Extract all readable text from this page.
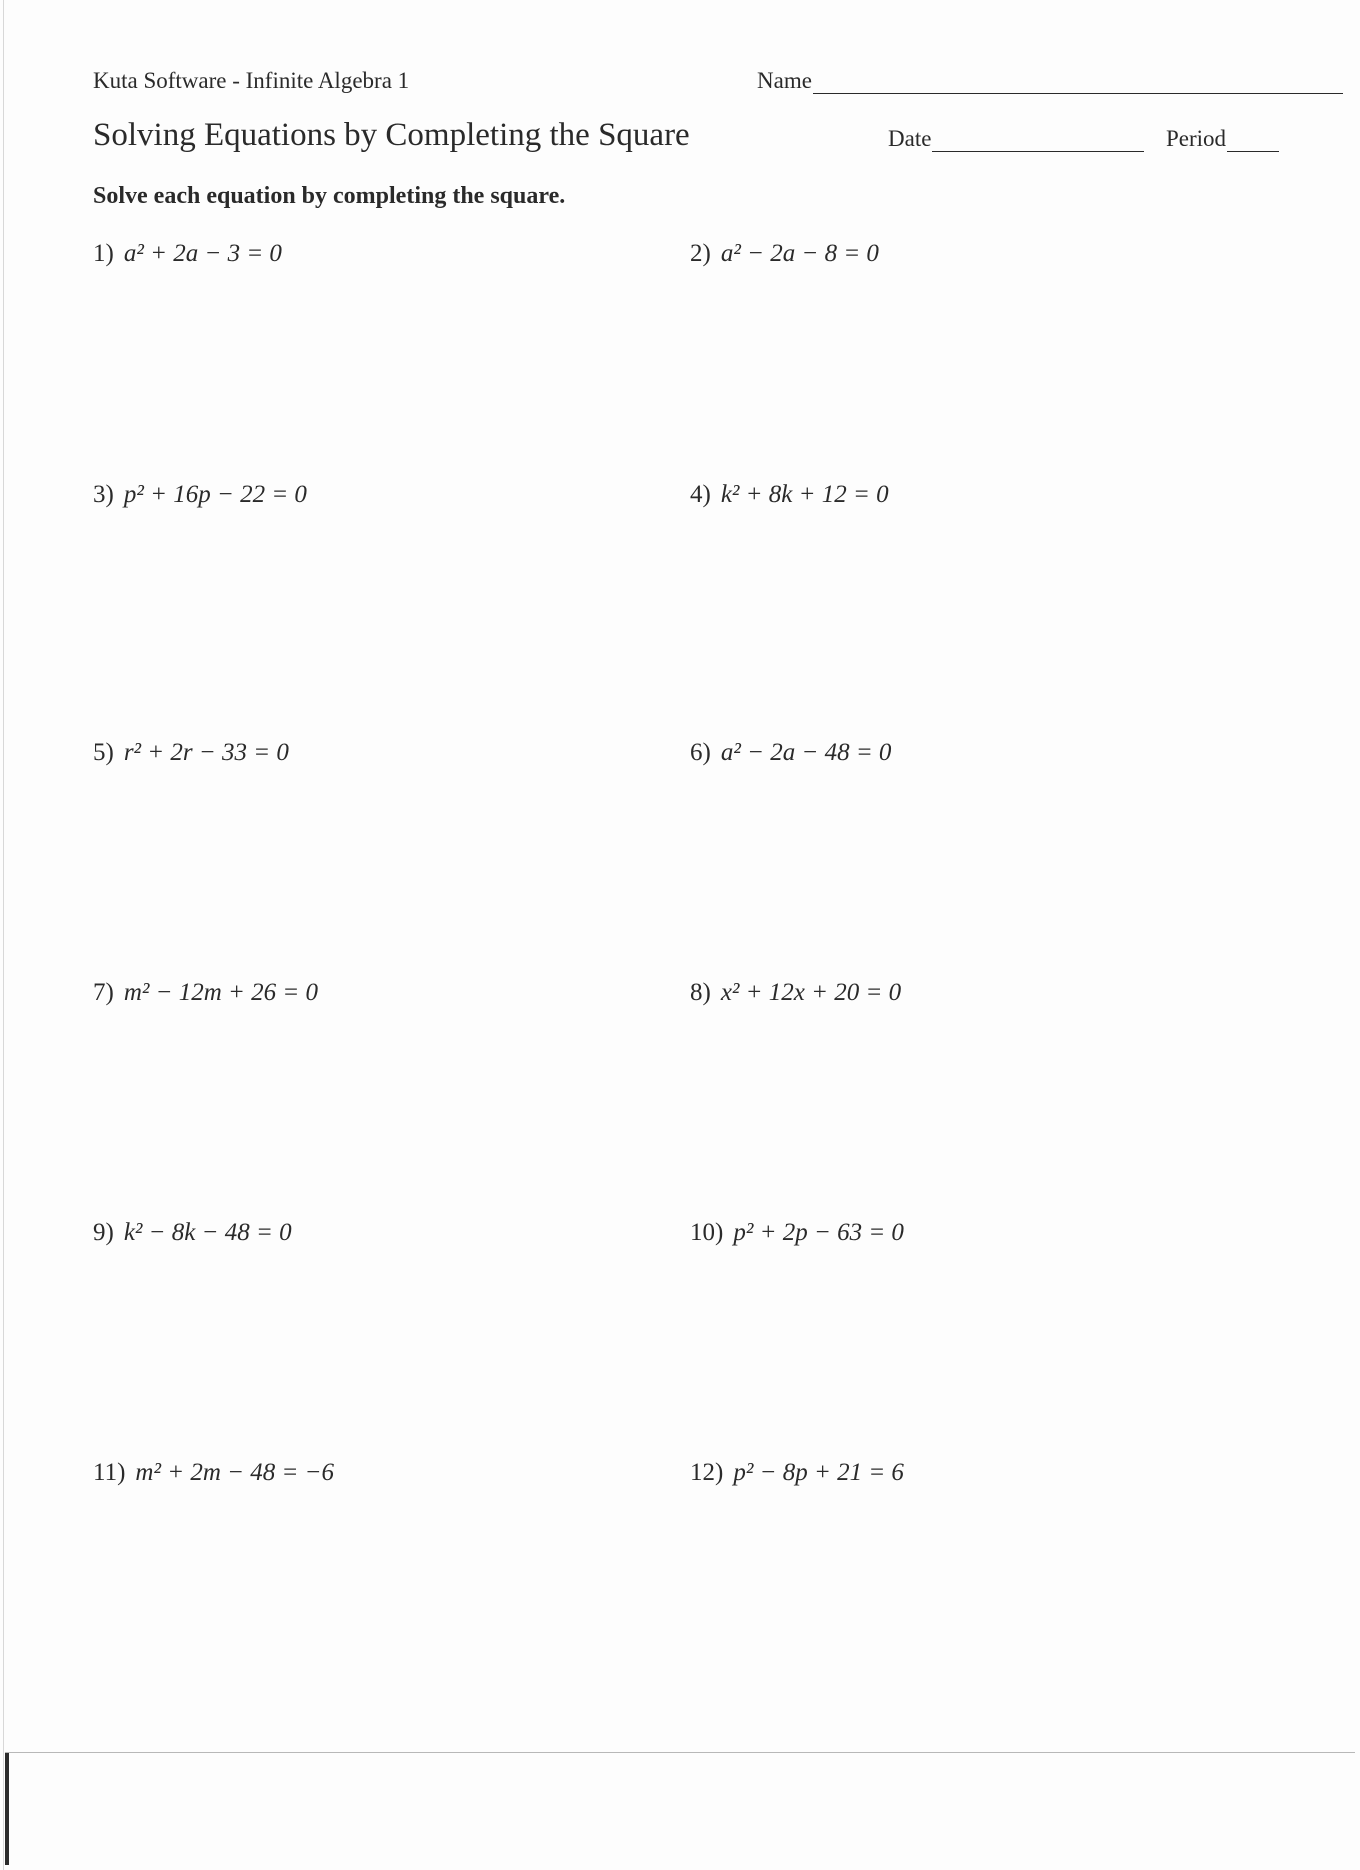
Kuta Software - Infinite Algebra 1
Solving Equations by Completing the Square
Name
Date	Period
Solve each equation by completing the square.
1) a² + 2a − 3 = 0	2) a² − 2a − 8 = 0
3) p² + 16p − 22 = 0	4) k² + 8k + 12 = 0
5) r² + 2r − 33 = 0	6) a² − 2a − 48 = 0
7) m² − 12m + 26 = 0	8) x² + 12x + 20 = 0
9) k² − 8k − 48 = 0	10) p² + 2p − 63 = 0
11) m² + 2m − 48 = −6	12) p² − 8p + 21 = 6
